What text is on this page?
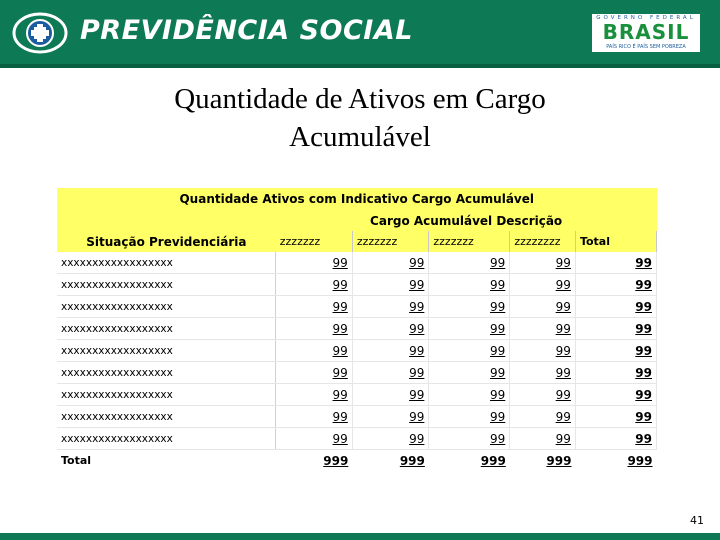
PREVIDÊNCIA SOCIAL	GOVERNO FEDERAL
BRASIL
PAÍS RICO É PAÍS SEM POBREZA
Quantidade de Ativos em Cargo
Acumulável
Quantidade Ativos com Indicativo Cargo Acumulável					
	Cargo Acumulável Descrição				
Situação Previdenciária	zzzzzzz	zzzzzzz	zzzzzzz	zzzzzzzz	Total
xxxxxxxxxxxxxxxxxx	99	99	99	99	99
xxxxxxxxxxxxxxxxxx	99	99	99	99	99
xxxxxxxxxxxxxxxxxx	99	99	99	99	99
xxxxxxxxxxxxxxxxxx	99	99	99	99	99
xxxxxxxxxxxxxxxxxx	99	99	99	99	99
xxxxxxxxxxxxxxxxxx	99	99	99	99	99
xxxxxxxxxxxxxxxxxx	99	99	99	99	99
xxxxxxxxxxxxxxxxxx	99	99	99	99	99
xxxxxxxxxxxxxxxxxx	99	99	99	99	99
Total	999	999	999	999	999
41
